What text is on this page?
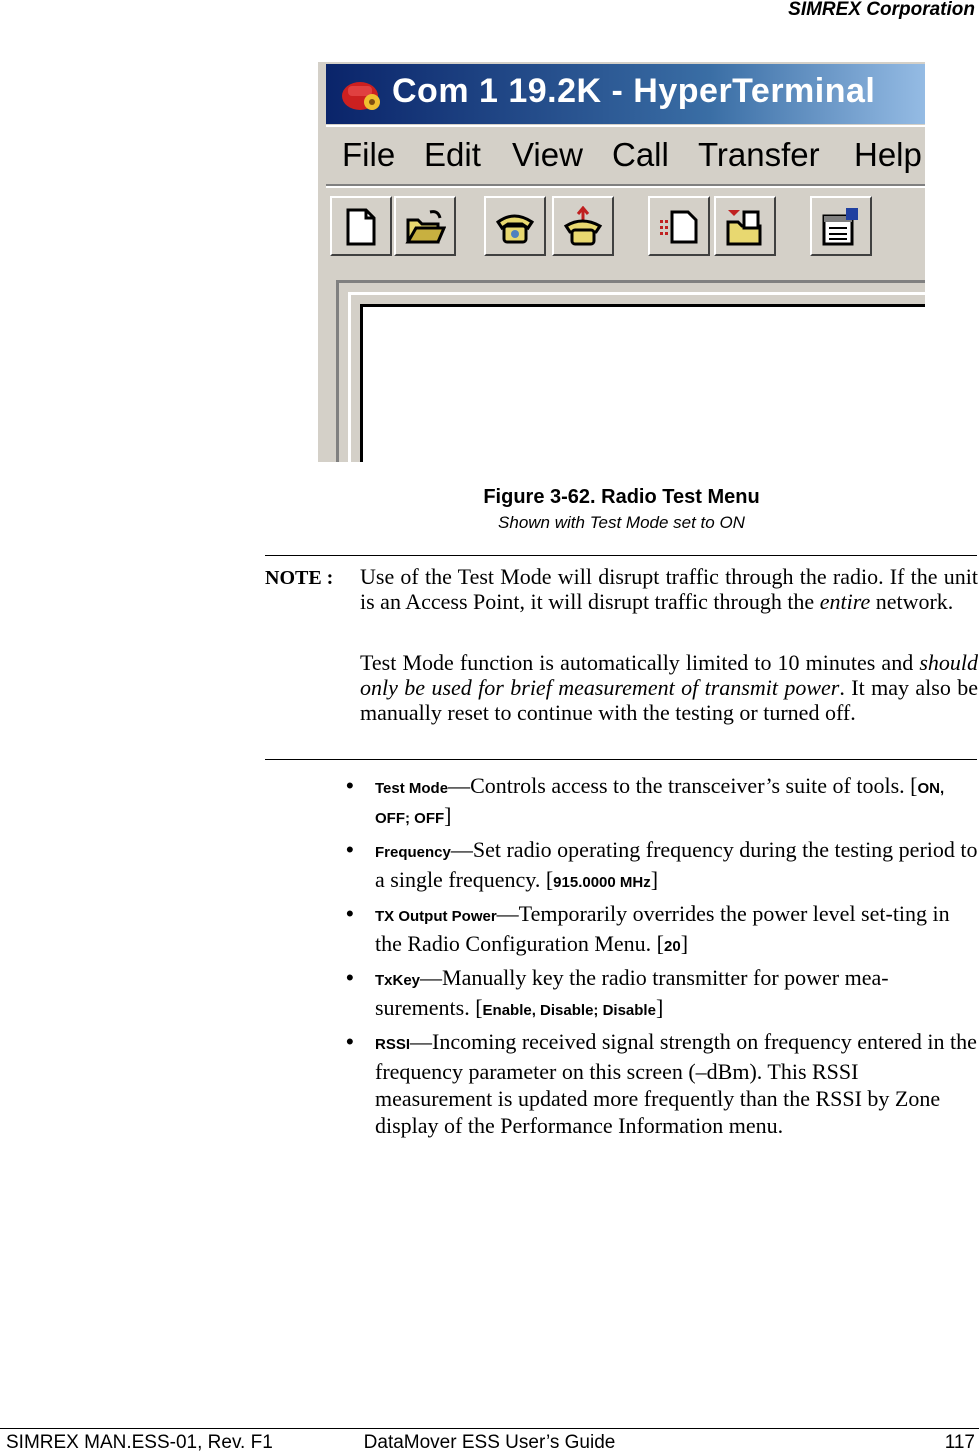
SIMREX Corporation
Com 1 19.2K - HyperTerminal
File Edit View Call Transfer Help
Figure 3-62. Radio Test Menu
Shown with Test Mode set to ON
NOTE : Use of the Test Mode will disrupt traffic through the radio. If the unit is an Access Point, it will disrupt traffic through the entire network.
Test Mode function is automatically limited to 10 minutes and should only be used for brief measurement of transmit power. It may also be manually reset to continue with the testing or turned off.
• Test Mode—Controls access to the transceiver’s suite of tools. [ON, OFF; OFF]
• Frequency—Set radio operating frequency during the testing period to a single frequency. [915.0000 MHz]
• TX Output Power—Temporarily overrides the power level set-ting in the Radio Configuration Menu. [20]
• TxKey—Manually key the radio transmitter for power mea-surements. [Enable, Disable; Disable]
• RSSI—Incoming received signal strength on frequency entered in the frequency parameter on this screen (–dBm). This RSSI measurement is updated more frequently than the RSSI by Zone display of the Performance Information menu.
SIMREX MAN.ESS-01, Rev. F1	DataMover ESS User’s Guide	117
